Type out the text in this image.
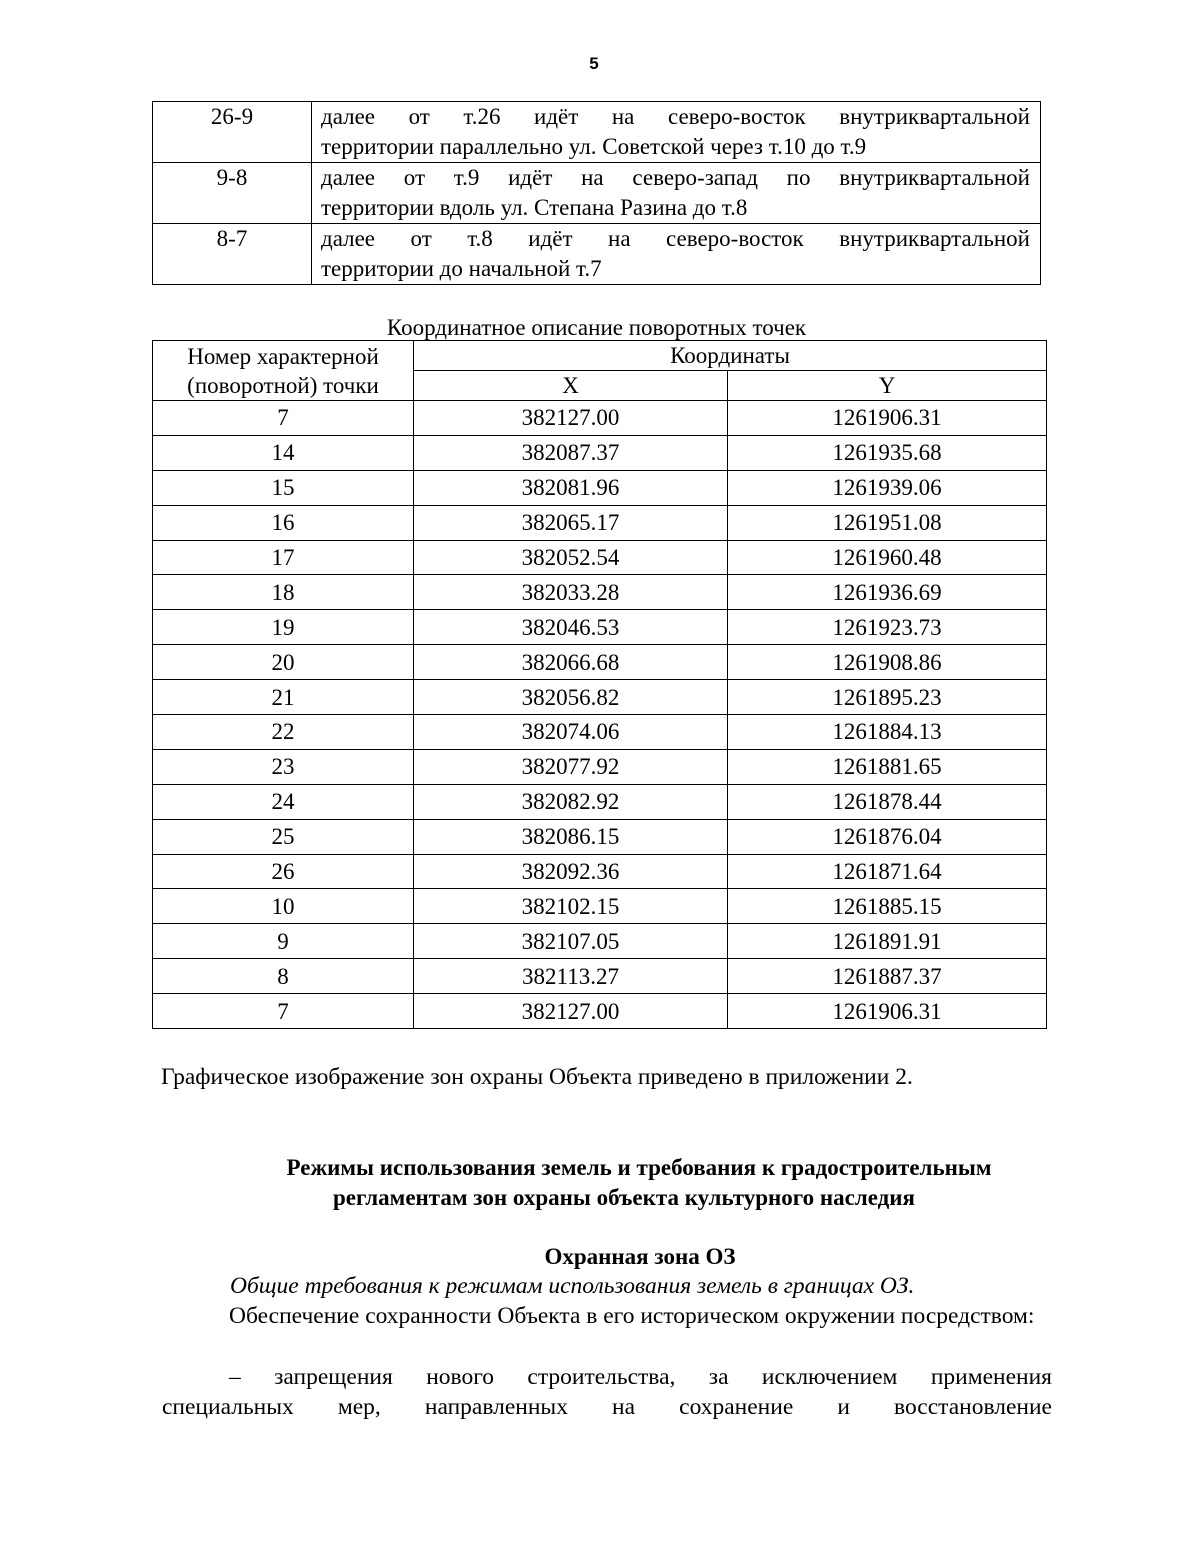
5
26-9	далее от т.26 идёт на северо-восток внутриквартальной
территории параллельно ул. Советской через т.10 до т.9

9-8	далее от т.9 идёт на северо-запад по внутриквартальной
территории вдоль ул. Степана Разина до т.8

8-7	далее от т.8 идёт на северо-восток внутриквартальной
территории до начальной т.7
Координатное описание поворотных точек
Номер характерной
(поворотной) точки	Координаты	
	X	Y
7	382127.00	1261906.31
14	382087.37	1261935.68
15	382081.96	1261939.06
16	382065.17	1261951.08
17	382052.54	1261960.48
18	382033.28	1261936.69
19	382046.53	1261923.73
20	382066.68	1261908.86
21	382056.82	1261895.23
22	382074.06	1261884.13
23	382077.92	1261881.65
24	382082.92	1261878.44
25	382086.15	1261876.04
26	382092.36	1261871.64
10	382102.15	1261885.15
9	382107.05	1261891.91
8	382113.27	1261887.37
7	382127.00	1261906.31
Графическое изображение зон охраны Объекта приведено в приложении 2.
Режимы использования земель и требования к градостроительным
регламентам зон охраны объекта культурного наследия
Охранная зона ОЗ
Общие требования к режимам использования земель в границах ОЗ.
Обеспечение сохранности Объекта в его историческом окружении посредством:
– запрещения нового строительства, за исключением применения
специальных мер, направленных на сохранение и восстановление
